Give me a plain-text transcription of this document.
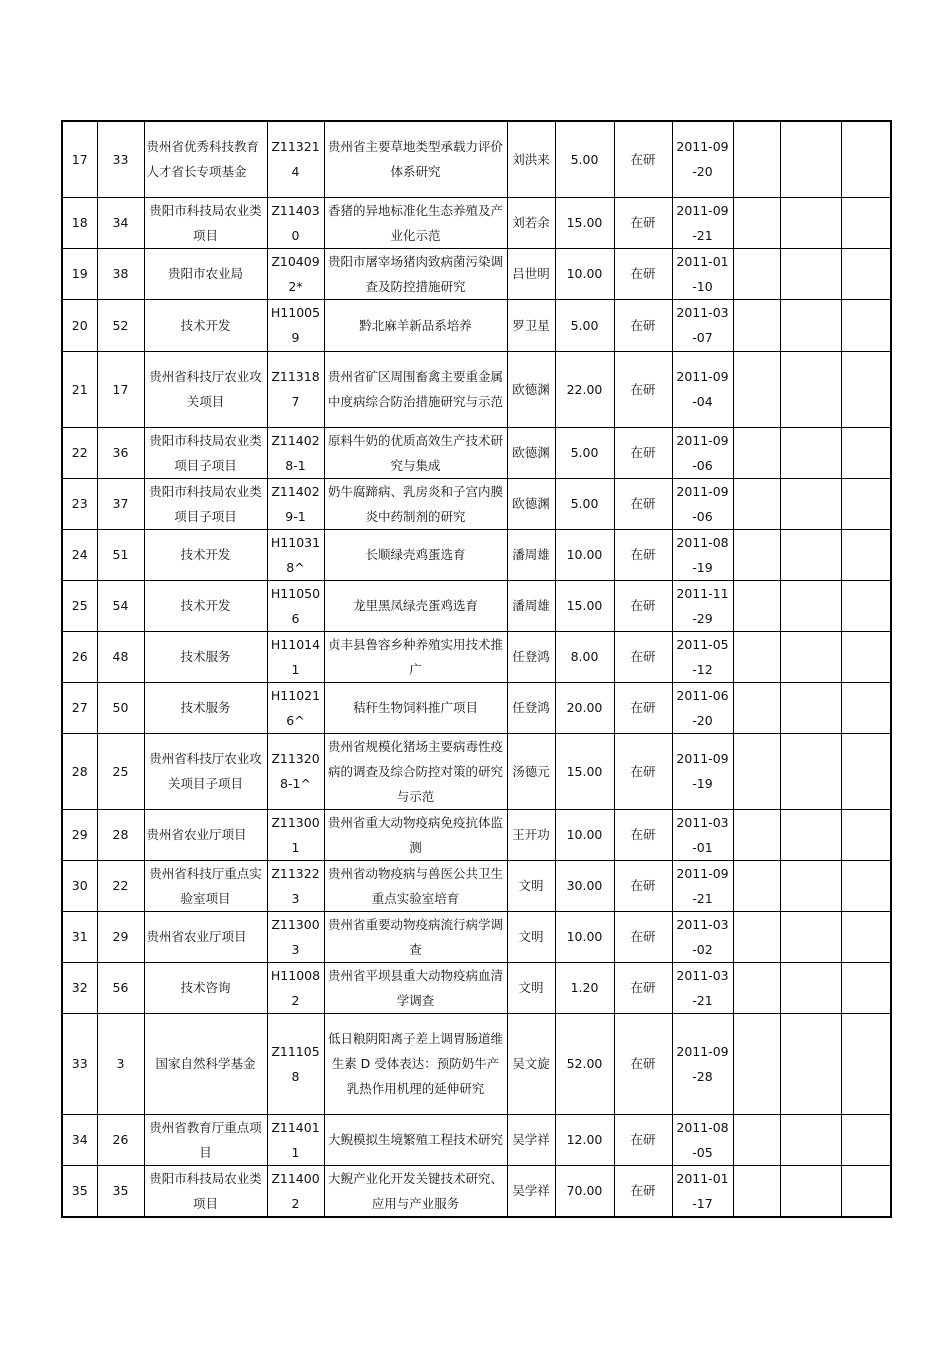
17	33	贵州省优秀科技教育人才省长专项基金	Z113214	贵州省主要草地类型承载力评价体系研究	刘洪来	5.00	在研	2011-09-20			
18	34	贵阳市科技局农业类项目	Z114030	香猪的异地标准化生态养殖及产业化示范	刘若余	15.00	在研	2011-09-21			
19	38	贵阳市农业局	Z104092*	贵阳市屠宰场猪肉致病菌污染调查及防控措施研究	吕世明	10.00	在研	2011-01-10			
20	52	技术开发	H110059	黔北麻羊新品系培养	罗卫星	5.00	在研	2011-03-07			
21	17	贵州省科技厅农业攻关项目	Z113187	贵州省矿区周围畜禽主要重金属中度病综合防治措施研究与示范	欧德渊	22.00	在研	2011-09-04			
22	36	贵阳市科技局农业类项目子项目	Z114028-1	原料牛奶的优质高效生产技术研究与集成	欧德渊	5.00	在研	2011-09-06			
23	37	贵阳市科技局农业类项目子项目	Z114029-1	奶牛腐蹄病、乳房炎和子宫内膜炎中药制剂的研究	欧德渊	5.00	在研	2011-09-06			
24	51	技术开发	H110318^	长顺绿壳鸡蛋选育	潘周雄	10.00	在研	2011-08-19			
25	54	技术开发	H110506	龙里黑凤绿壳蛋鸡选育	潘周雄	15.00	在研	2011-11-29			
26	48	技术服务	H110141	贞丰县鲁容乡种养殖实用技术推广	任登鸿	8.00	在研	2011-05-12			
27	50	技术服务	H110216^	秸秆生物饲料推广项目	任登鸿	20.00	在研	2011-06-20			
28	25	贵州省科技厅农业攻关项目子项目	Z113208-1^	贵州省规模化猪场主要病毒性疫病的调查及综合防控对策的研究与示范	汤德元	15.00	在研	2011-09-19			
29	28	贵州省农业厅项目	Z113001	贵州省重大动物疫病免疫抗体监测	王开功	10.00	在研	2011-03-01			
30	22	贵州省科技厅重点实验室项目	Z113223	贵州省动物疫病与兽医公共卫生重点实验室培育	文明	30.00	在研	2011-09-21			
31	29	贵州省农业厅项目	Z113003	贵州省重要动物疫病流行病学调查	文明	10.00	在研	2011-03-02			
32	56	技术咨询	H110082	贵州省平坝县重大动物疫病血清学调查	文明	1.20	在研	2011-03-21			
33	3	国家自然科学基金	Z111058	低日粮阴阳离子差上调胃肠道维生素 D 受体表达：预防奶牛产乳热作用机理的延伸研究	吴文旋	52.00	在研	2011-09-28			
34	26	贵州省教育厅重点项目	Z114011	大鲵模拟生境繁殖工程技术研究	吴学祥	12.00	在研	2011-08-05			
35	35	贵阳市科技局农业类项目	Z114002	大鲵产业化开发关键技术研究、应用与产业服务	吴学祥	70.00	在研	2011-01-17			
